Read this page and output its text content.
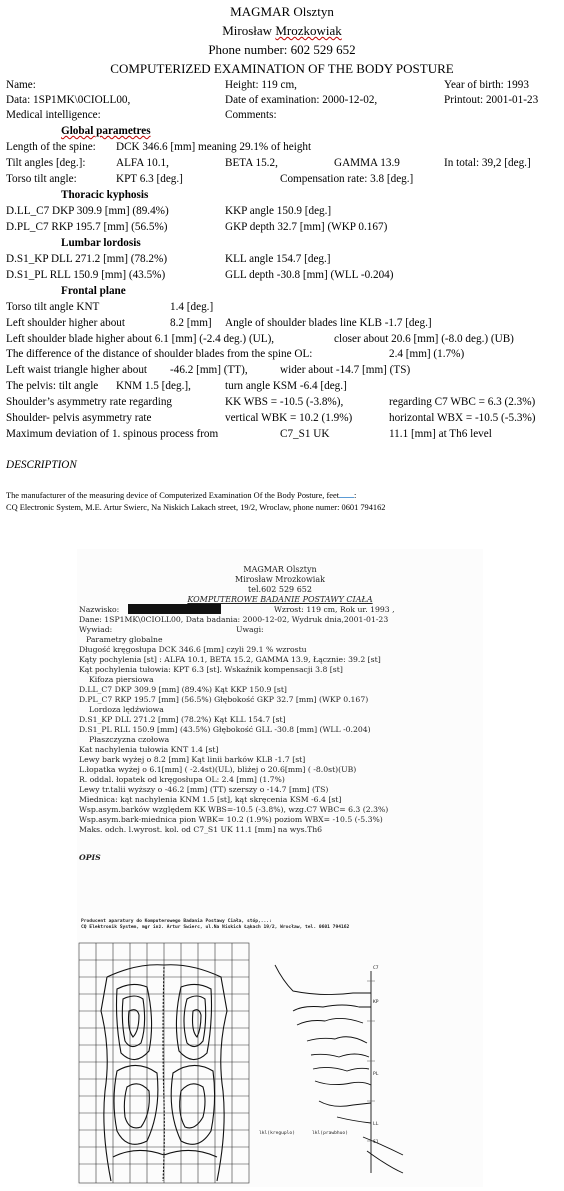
MAGMAR Olsztyn
Mirosław Mrozkowiak
Phone number: 602 529 652
COMPUTERIZED EXAMINATION OF THE BODY POSTURE
Name:	Height: 119 cm,	Year of birth: 1993
Data: 1SP1MK\0CIOLL00,	Date of examination: 2000-12-02,	Printout: 2001-01-23
Medical intelligence:	Comments:
Global parametres
Length of the spine: DCK 346.6 [mm] meaning 29.1% of height
Tilt angles [deg.]:	ALFA 10.1,	BETA 15.2,	GAMMA 13.9	In total: 39,2 [deg.]
Torso tilt angle:	KPT 6.3 [deg.]	Compensation rate: 3.8 [deg.]
Thoracic kyphosis
D.LL_C7 DKP 309.9 [mm] (89.4%)	KKP angle 150.9 [deg.]
D.PL_C7 RKP 195.7 [mm] (56.5%)	GKP depth 32.7 [mm] (WKP 0.167)
Lumbar lordosis
D.S1_KP DLL 271.2 [mm] (78.2%)	KLL angle 154.7 [deg.]
D.S1_PL RLL 150.9 [mm] (43.5%)	GLL depth -30.8 [mm] (WLL -0.204)
Frontal plane
Torso tilt angle KNT	1.4 [deg.]
Left shoulder higher about	8.2 [mm] Angle of shoulder blades line KLB -1.7 [deg.]
Left shoulder blade higher about 6.1 [mm] (-2.4 deg.) (UL),	closer about 20.6 [mm] (-8.0 deg.) (UB)
The difference of the distance of shoulder blades from the spine OL:	2.4 [mm] (1.7%)
Left waist triangle higher about -46.2 [mm] (TT),	wider about -14.7 [mm] (TS)
The pelvis: tilt angle KNM 1.5 [deg.],	turn angle KSM -6.4 [deg.]
Shoulder’s asymmetry rate regarding	KK WBS = -10.5 (-3.8%),	regarding C7 WBC = 6.3 (2.3%)
Shoulder- pelvis asymmetry rate	vertical WBK = 10.2 (1.9%)	horizontal WBX = -10.5 (-5.3%)
Maximum deviation of 1. spinous process from	C7_S1 UK	11.1 [mm] at Th6 level
DESCRIPTION
The manufacturer of the measuring device of Computerized Examination Of the Body Posture, feet :
CQ Electronic System, M.E. Artur Swierc, Na Niskich Lakach street, 19/2, Wroclaw, phone numer: 0601 794162
MAGMAR Olsztyn
Mirosław Mrozkowiak
tel.602 529 652
KOMPUTEROWE BADANIE POSTAWY CIAŁA
Nazwisko:	Wzrost: 119 cm, Rok ur. 1993 ,
Dane: 1SP1MK\0CIOLL00, Data badania: 2000-12-02, Wydruk dnia,2001-01-23
Wywiad:	Uwagi:
Parametry globalne
Długość kręgosłupa DCK 346.6 [mm] czyli 29.1 % wzrostu
Kąty pochylenia [st] : ALFA 10.1, BETA 15.2, GAMMA 13.9, Łącznie: 39.2 [st]
Kąt pochylenia tułowia: KPT 6.3 [st]. Wskaźnik kompensacji 3.8 [st]
Kifoza piersiowa
D.LL_C7 DKP 309.9 [mm] (89.4%) Kąt KKP 150.9 [st]
D.PL_C7 RKP 195.7 [mm] (56.5%) Głębokość GKP 32.7 [mm] (WKP 0.167)
Lordoza lędźwiowa
D.S1_KP DLL 271.2 [mm] (78.2%) Kąt KLL 154.7 [st]
D.S1_PL RLL 150.9 [mm] (43.5%) Głębokość GLL -30.8 [mm] (WLL -0.204)
Płaszczyzna czołowa
Kat nachylenia tułowia KNT 1.4 [st]
Lewy bark wyżej o 8.2 [mm] Kąt linii barków KLB -1.7 [st]
L.łopatka wyżej o 6.1[mm] ( -2.4st)(UL), bliżej o 20.6[mm] ( -8.0st)(UB)
R. oddal. łopatek od kręgosłupa OL: 2.4 [mm] (1.7%)
Lewy tr.talii wyższy o -46.2 [mm] (TT) szerszy o -14.7 [mm] (TS)
Miednica: kąt nachylenia KNM 1.5 [st], kąt skręcenia KSM -6.4 [st]
Wsp.asym.barków względem KK WBS=-10.5 (-3.8%), wzg.C7 WBC= 6.3 (2.3%)
Wsp.asym.bark-miednica pion WBK= 10.2 (1.9%) poziom WBX= -10.5 (-5.3%)
Maks. odch. l.wyrost. kol. od C7_S1 UK 11.1 [mm] na wys.Th6
OPIS
Producent aparatury do Komputerowego Badania Postawy Ciała, stóp,...:
CQ Elektronik System, mgr inż. Artur Swierc, ul.Na Niskich Łąkach 19/2, Wrocław, tel. 0601 794162
C7
KP
PL
LL
S1
lkl(kreguplo)	lkl(prawbhuo)
